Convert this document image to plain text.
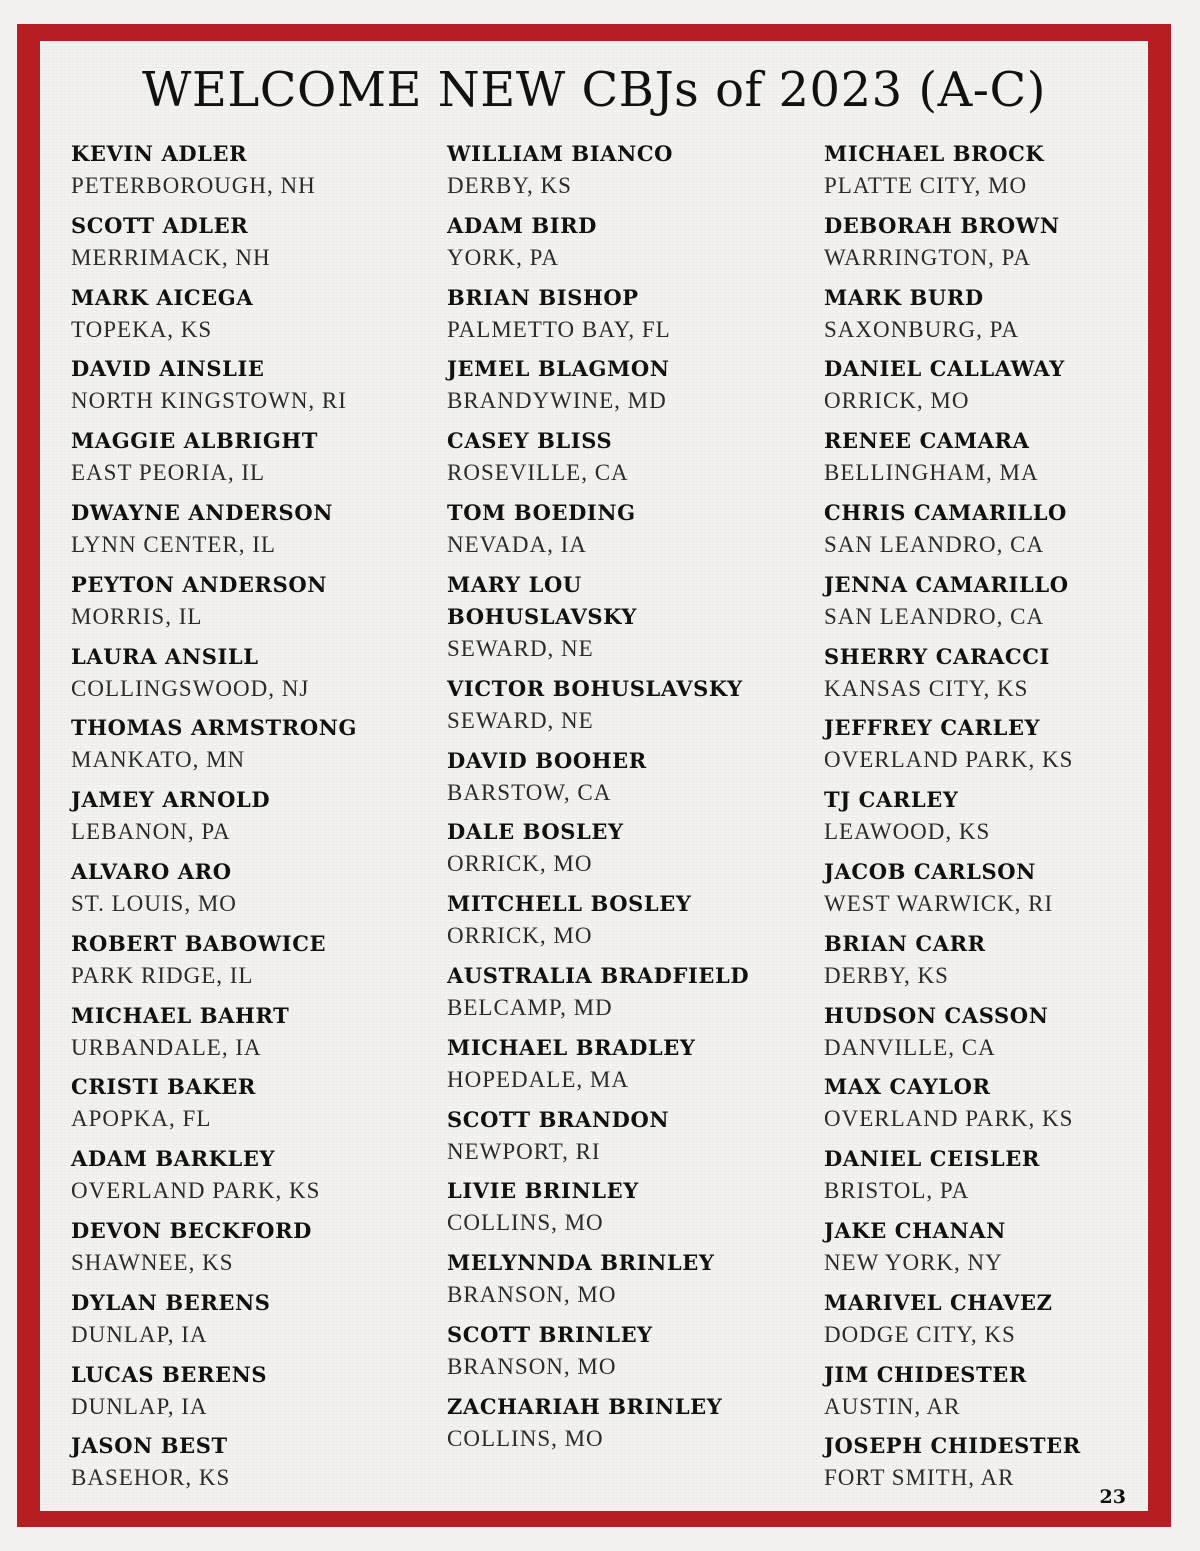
WELCOME NEW CBJs of 2023 (A-C)
KEVIN ADLER
PETERBOROUGH, NH
SCOTT ADLER
MERRIMACK, NH
MARK AICEGA
TOPEKA, KS
DAVID AINSLIE
NORTH KINGSTOWN, RI
MAGGIE ALBRIGHT
EAST PEORIA, IL
DWAYNE ANDERSON
LYNN CENTER, IL
PEYTON ANDERSON
MORRIS, IL
LAURA ANSILL
COLLINGSWOOD, NJ
THOMAS ARMSTRONG
MANKATO, MN
JAMEY ARNOLD
LEBANON, PA
ALVARO ARO
ST. LOUIS, MO
ROBERT BABOWICE
PARK RIDGE, IL
MICHAEL BAHRT
URBANDALE, IA
CRISTI BAKER
APOPKA, FL
ADAM BARKLEY
OVERLAND PARK, KS
DEVON BECKFORD
SHAWNEE, KS
DYLAN BERENS
DUNLAP, IA
LUCAS BERENS
DUNLAP, IA
JASON BEST
BASEHOR, KS
WILLIAM BIANCO
DERBY, KS
ADAM BIRD
YORK, PA
BRIAN BISHOP
PALMETTO BAY, FL
JEMEL BLAGMON
BRANDYWINE, MD
CASEY BLISS
ROSEVILLE, CA
TOM BOEDING
NEVADA, IA
MARY LOU
BOHUSLAVSKY
SEWARD, NE
VICTOR BOHUSLAVSKY
SEWARD, NE
DAVID BOOHER
BARSTOW, CA
DALE BOSLEY
ORRICK, MO
MITCHELL BOSLEY
ORRICK, MO
AUSTRALIA BRADFIELD
BELCAMP, MD
MICHAEL BRADLEY
HOPEDALE, MA
SCOTT BRANDON
NEWPORT, RI
LIVIE BRINLEY
COLLINS, MO
MELYNNDA BRINLEY
BRANSON, MO
SCOTT BRINLEY
BRANSON, MO
ZACHARIAH BRINLEY
COLLINS, MO
MICHAEL BROCK
PLATTE CITY, MO
DEBORAH BROWN
WARRINGTON, PA
MARK BURD
SAXONBURG, PA
DANIEL CALLAWAY
ORRICK, MO
RENEE CAMARA
BELLINGHAM, MA
CHRIS CAMARILLO
SAN LEANDRO, CA
JENNA CAMARILLO
SAN LEANDRO, CA
SHERRY CARACCI
KANSAS CITY, KS
JEFFREY CARLEY
OVERLAND PARK, KS
TJ CARLEY
LEAWOOD, KS
JACOB CARLSON
WEST WARWICK, RI
BRIAN CARR
DERBY, KS
HUDSON CASSON
DANVILLE, CA
MAX CAYLOR
OVERLAND PARK, KS
DANIEL CEISLER
BRISTOL, PA
JAKE CHANAN
NEW YORK, NY
MARIVEL CHAVEZ
DODGE CITY, KS
JIM CHIDESTER
AUSTIN, AR
JOSEPH CHIDESTER
FORT SMITH, AR
23
